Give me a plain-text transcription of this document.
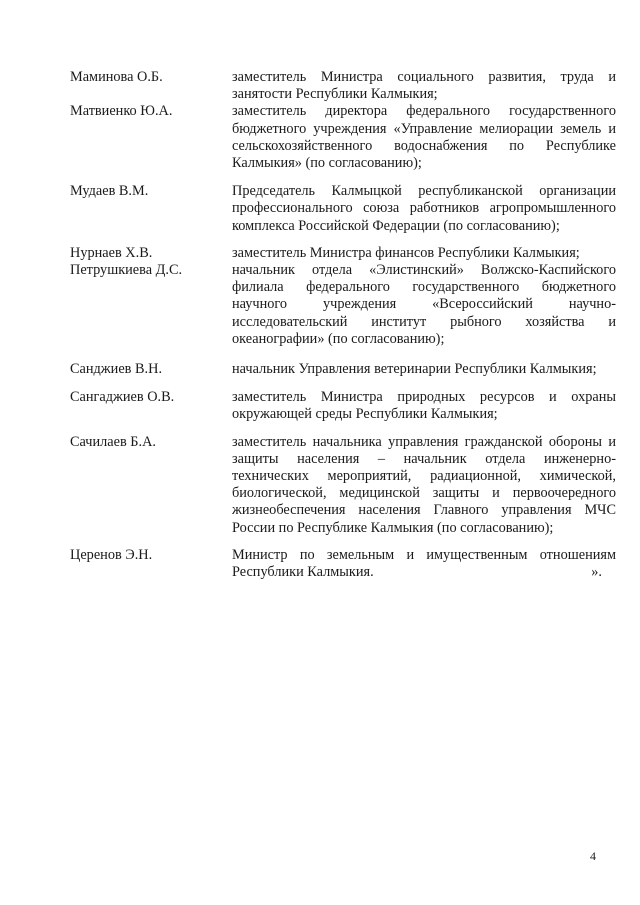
Маминова О.Б.	заместитель Министра социального развития, труда и занятости Республики Калмыкия;
Матвиенко Ю.А.	заместитель директора федерального государственного бюджетного учреждения «Управление мелиорации земель и сельскохозяйственного водоснабжения по Республике Калмыкия» (по согласованию);
Мудаев В.М.	Председатель Калмыцкой республиканской организации профессионального союза работников агропромышленного комплекса Российской Федерации (по согласованию);
Нурнаев Х.В.	заместитель Министра финансов Республики Калмыкия;
Петрушкиева Д.С.	начальник отдела «Элистинский» Волжско-Каспийского филиала федерального государственного бюджетного научного учреждения «Всероссийский научно-исследовательский институт рыбного хозяйства и океанографии» (по согласованию);
Санджиев В.Н.	начальник Управления ветеринарии Республики Калмыкия;
Сангаджиев О.В.	заместитель Министра природных ресурсов и охраны окружающей среды Республики Калмыкия;
Сачилаев Б.А.	заместитель начальника управления гражданской обороны и защиты населения – начальник отдела инженерно-технических мероприятий, радиационной, химической, биологической, медицинской защиты и первоочередного жизнеобеспечения населения Главного управления МЧС России по Республике Калмыкия (по согласованию);
Церенов Э.Н.	Министр по земельным и имущественным отношениям Республики Калмыкия.	».
4
